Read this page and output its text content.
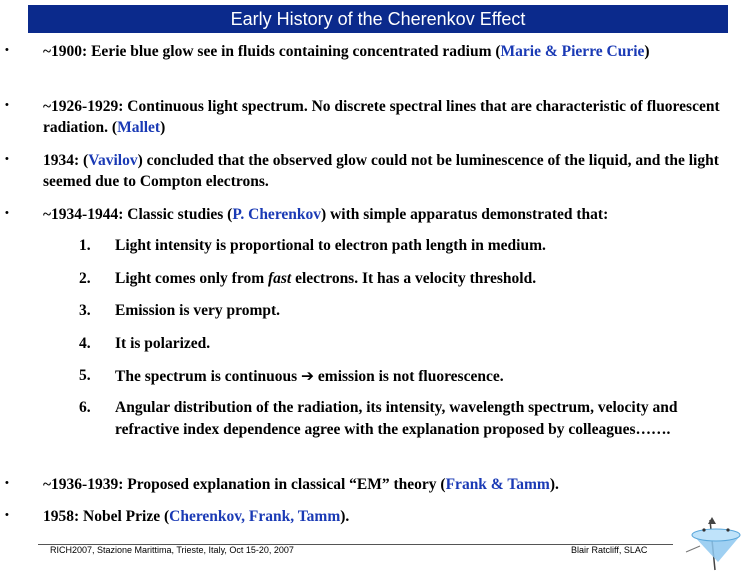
Early History of the Cherenkov Effect
• ~1900: Eerie blue glow see in fluids containing concentrated radium (Marie & Pierre Curie)
• ~1926-1929: Continuous light spectrum. No discrete spectral lines that are characteristic of fluorescent radiation. (Mallet)
• 1934: (Vavilov) concluded that the observed glow could not be luminescence of the liquid, and the light seemed due to Compton electrons.
• ~1934-1944: Classic studies (P. Cherenkov) with simple apparatus demonstrated that:
1. Light intensity is proportional to electron path length in medium.
2. Light comes only from fast electrons. It has a velocity threshold.
3. Emission is very prompt.
4. It is polarized.
5. The spectrum is continuous ➔ emission is not fluorescence.
6. Angular distribution of the radiation, its intensity, wavelength spectrum, velocity and refractive index dependence agree with the explanation proposed by colleagues…….
• ~1936-1939: Proposed explanation in classical “EM” theory (Frank & Tamm).
• 1958: Nobel Prize (Cherenkov, Frank, Tamm).
RICH2007, Stazione Marittima, Trieste, Italy, Oct 15-20, 2007	Blair Ratcliff, SLAC
